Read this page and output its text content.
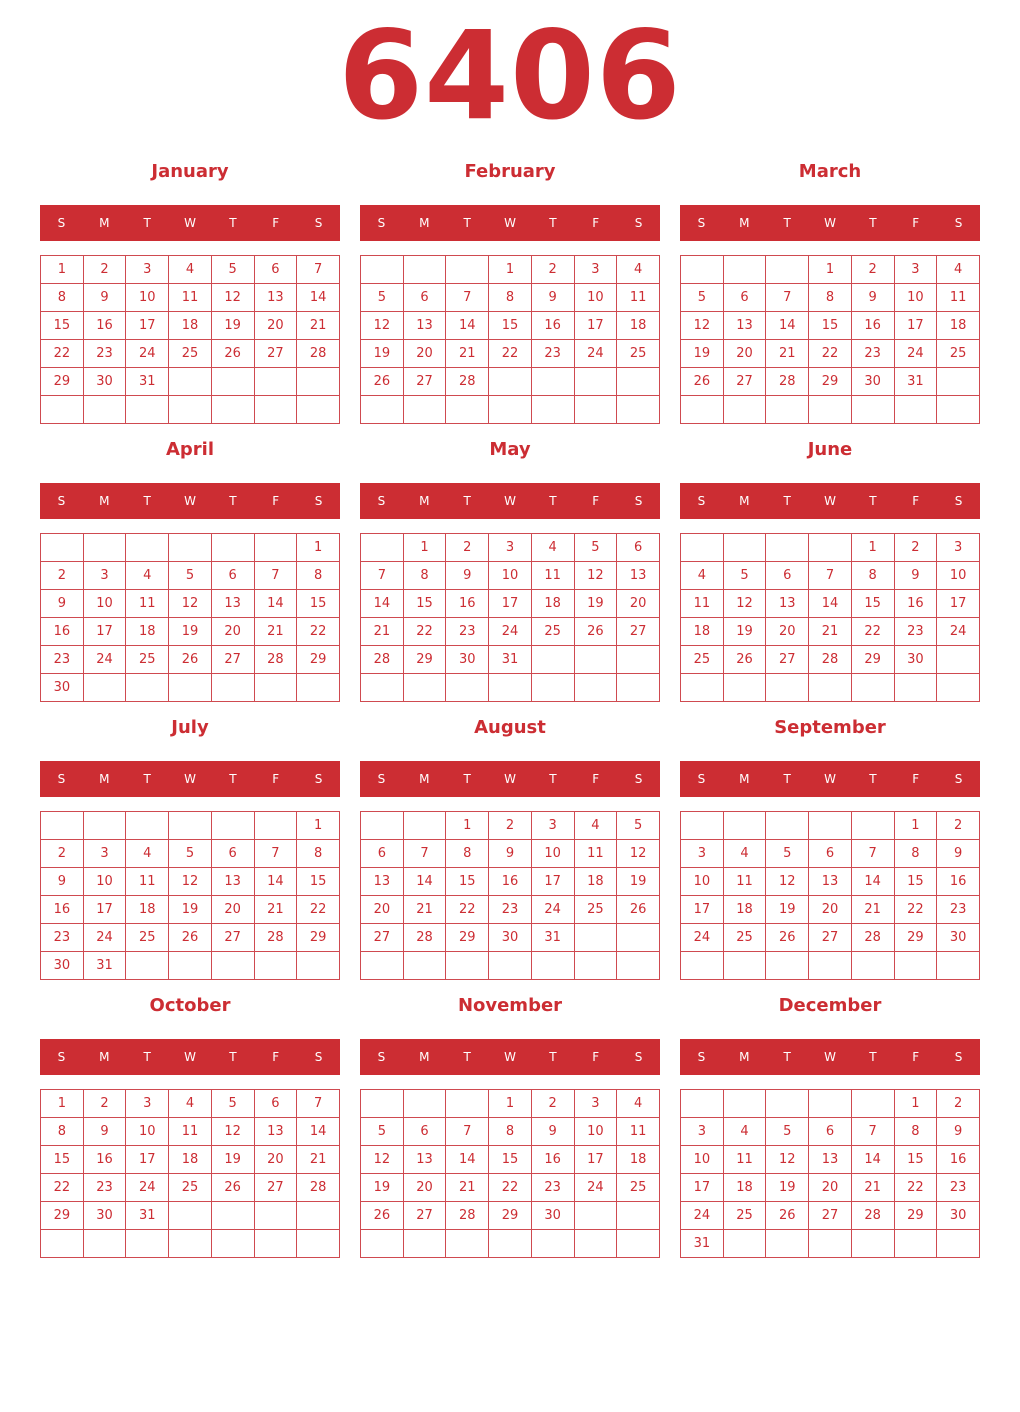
6406
January
S	M	T	W	T	F	S
1	2	3	4	5	6	7
8	9	10	11	12	13	14
15	16	17	18	19	20	21
22	23	24	25	26	27	28
29	30	31				

February
S	M	T	W	T	F	S
			1	2	3	4
5	6	7	8	9	10	11
12	13	14	15	16	17	18
19	20	21	22	23	24	25
26	27	28				

March
S	M	T	W	T	F	S
			1	2	3	4
5	6	7	8	9	10	11
12	13	14	15	16	17	18
19	20	21	22	23	24	25
26	27	28	29	30	31	

April
S	M	T	W	T	F	S
						1
2	3	4	5	6	7	8
9	10	11	12	13	14	15
16	17	18	19	20	21	22
23	24	25	26	27	28	29
30						
May
S	M	T	W	T	F	S
	1	2	3	4	5	6
7	8	9	10	11	12	13
14	15	16	17	18	19	20
21	22	23	24	25	26	27
28	29	30	31			

June
S	M	T	W	T	F	S
				1	2	3
4	5	6	7	8	9	10
11	12	13	14	15	16	17
18	19	20	21	22	23	24
25	26	27	28	29	30	

July
S	M	T	W	T	F	S
						1
2	3	4	5	6	7	8
9	10	11	12	13	14	15
16	17	18	19	20	21	22
23	24	25	26	27	28	29
30	31					
August
S	M	T	W	T	F	S
		1	2	3	4	5
6	7	8	9	10	11	12
13	14	15	16	17	18	19
20	21	22	23	24	25	26
27	28	29	30	31		

September
S	M	T	W	T	F	S
					1	2
3	4	5	6	7	8	9
10	11	12	13	14	15	16
17	18	19	20	21	22	23
24	25	26	27	28	29	30

October
S	M	T	W	T	F	S
1	2	3	4	5	6	7
8	9	10	11	12	13	14
15	16	17	18	19	20	21
22	23	24	25	26	27	28
29	30	31				

November
S	M	T	W	T	F	S
			1	2	3	4
5	6	7	8	9	10	11
12	13	14	15	16	17	18
19	20	21	22	23	24	25
26	27	28	29	30		

December
S	M	T	W	T	F	S
					1	2
3	4	5	6	7	8	9
10	11	12	13	14	15	16
17	18	19	20	21	22	23
24	25	26	27	28	29	30
31						
